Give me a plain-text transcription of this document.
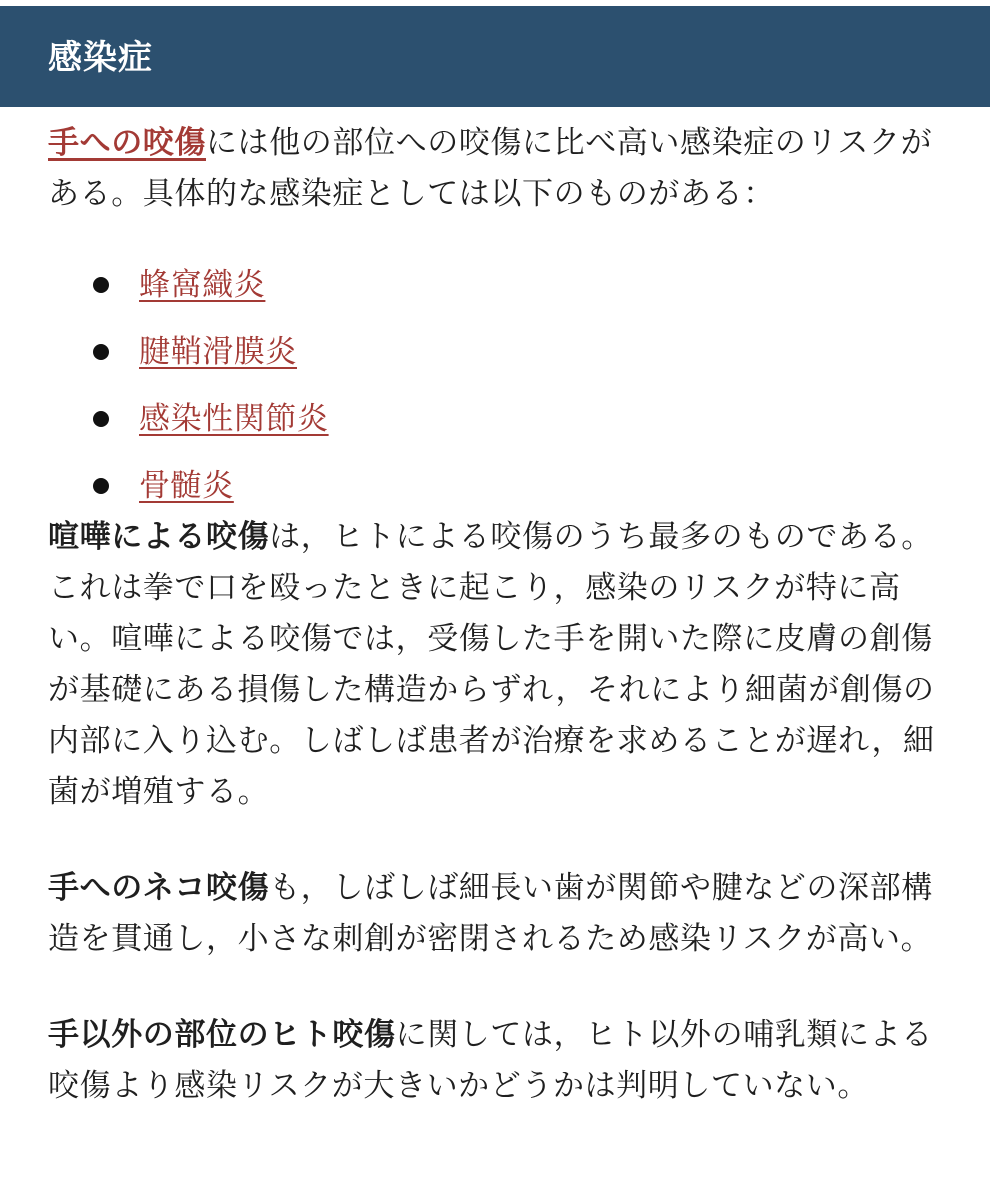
感染症

手への咬傷には他の部位への咬傷に比べ高い感染症のリスクがある。具体的な感染症としては以下のものがある：

蜂窩織炎
腱鞘滑膜炎
感染性関節炎
骨髄炎

喧嘩による咬傷は，ヒトによる咬傷のうち最多のものである。これは拳で口を殴ったときに起こり，感染のリスクが特に高い。喧嘩による咬傷では，受傷した手を開いた際に皮膚の創傷が基礎にある損傷した構造からずれ，それにより細菌が創傷の内部に入り込む。しばしば患者が治療を求めることが遅れ，細菌が増殖する。

手へのネコ咬傷も，しばしば細長い歯が関節や腱などの深部構造を貫通し，小さな刺創が密閉されるため感染リスクが高い。

手以外の部位のヒト咬傷に関しては，ヒト以外の哺乳類による咬傷より感染リスクが大きいかどうかは判明していない。
